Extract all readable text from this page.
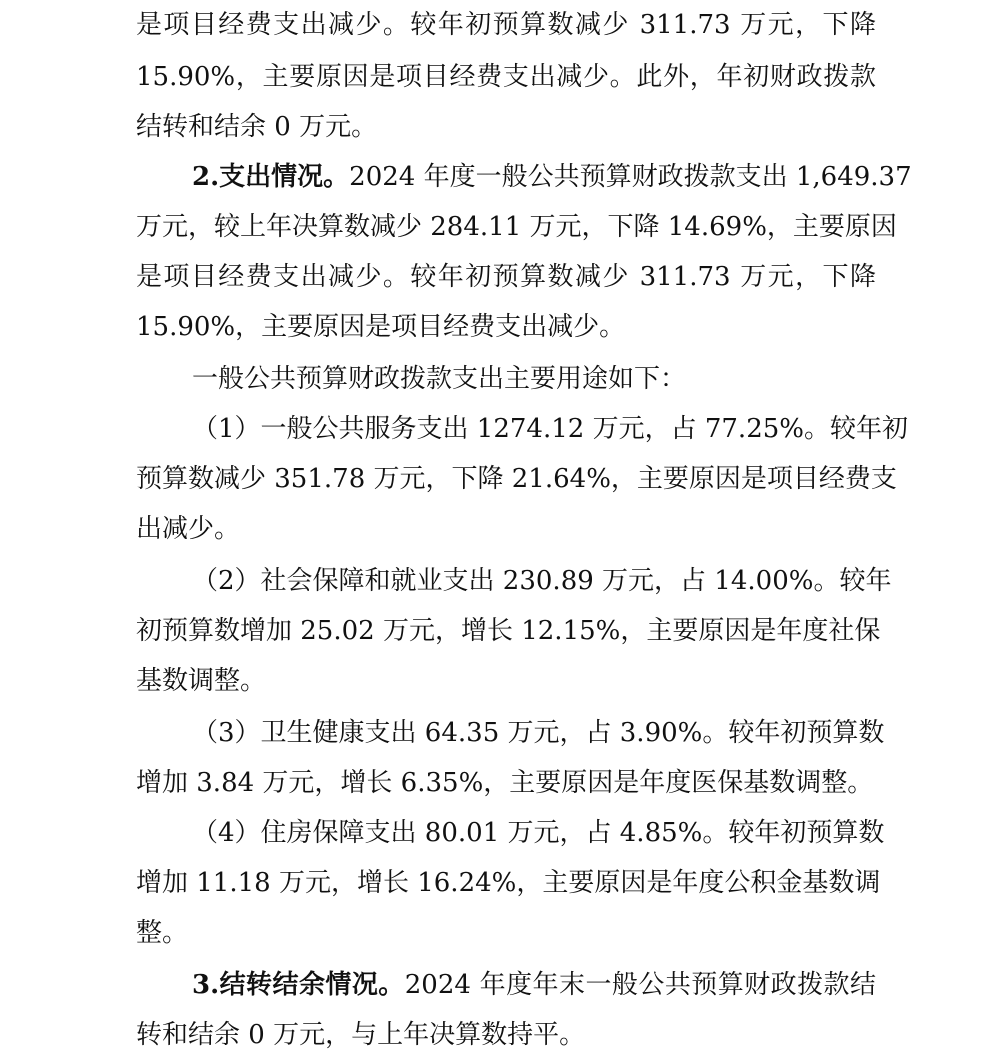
是项目经费支出减少。较年初预算数减少 311.73 万元，下降
15.90%，主要原因是项目经费支出减少。此外，年初财政拨款
结转和结余 0 万元。
2.支出情况。2024 年度一般公共预算财政拨款支出 1,649.37
万元，较上年决算数减少 284.11 万元，下降 14.69%，主要原因
是项目经费支出减少。较年初预算数减少 311.73 万元，下降
15.90%，主要原因是项目经费支出减少。
一般公共预算财政拨款支出主要用途如下：
（1）一般公共服务支出 1274.12 万元，占 77.25%。较年初
预算数减少 351.78 万元，下降 21.64%，主要原因是项目经费支
出减少。
（2）社会保障和就业支出 230.89 万元，占 14.00%。较年
初预算数增加 25.02 万元，增长 12.15%，主要原因是年度社保
基数调整。
（3）卫生健康支出 64.35 万元，占 3.90%。较年初预算数
增加 3.84 万元，增长 6.35%，主要原因是年度医保基数调整。
（4）住房保障支出 80.01 万元，占 4.85%。较年初预算数
增加 11.18 万元，增长 16.24%，主要原因是年度公积金基数调
整。
3.结转结余情况。2024 年度年末一般公共预算财政拨款结
转和结余 0 万元，与上年决算数持平。
